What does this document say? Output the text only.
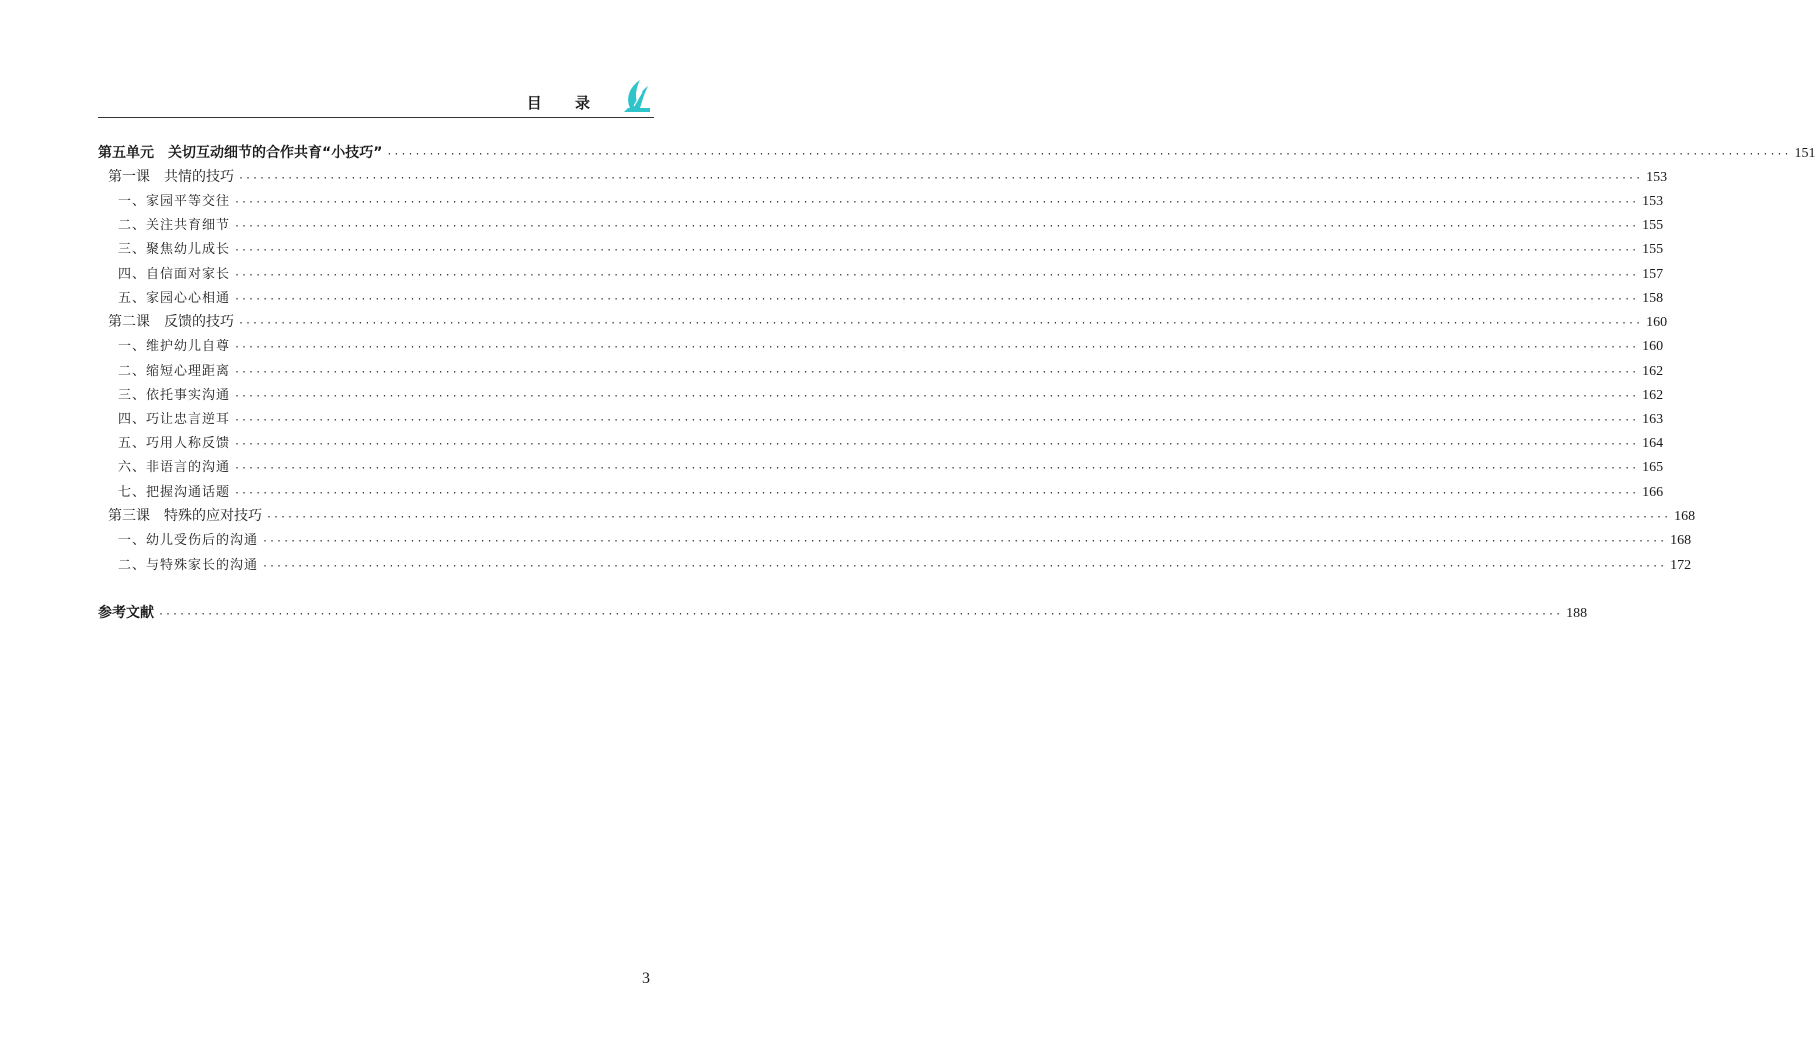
目 录
第五单元　关切互动细节的合作共育“小技巧” ········································································································································································································ 151
第一课　共情的技巧 ········································································································································································································ 153
一、家园平等交往 ········································································································································································································ 153
二、关注共育细节 ········································································································································································································ 155
三、聚焦幼儿成长 ········································································································································································································ 155
四、自信面对家长 ········································································································································································································ 157
五、家园心心相通 ········································································································································································································ 158
第二课　反馈的技巧 ········································································································································································································ 160
一、维护幼儿自尊 ········································································································································································································ 160
二、缩短心理距离 ········································································································································································································ 162
三、依托事实沟通 ········································································································································································································ 162
四、巧让忠言逆耳 ········································································································································································································ 163
五、巧用人称反馈 ········································································································································································································ 164
六、非语言的沟通 ········································································································································································································ 165
七、把握沟通话题 ········································································································································································································ 166
第三课　特殊的应对技巧 ········································································································································································································ 168
一、幼儿受伤后的沟通 ········································································································································································································ 168
二、与特殊家长的沟通 ········································································································································································································ 172
参考文献 ········································································································································································································ 188
3
